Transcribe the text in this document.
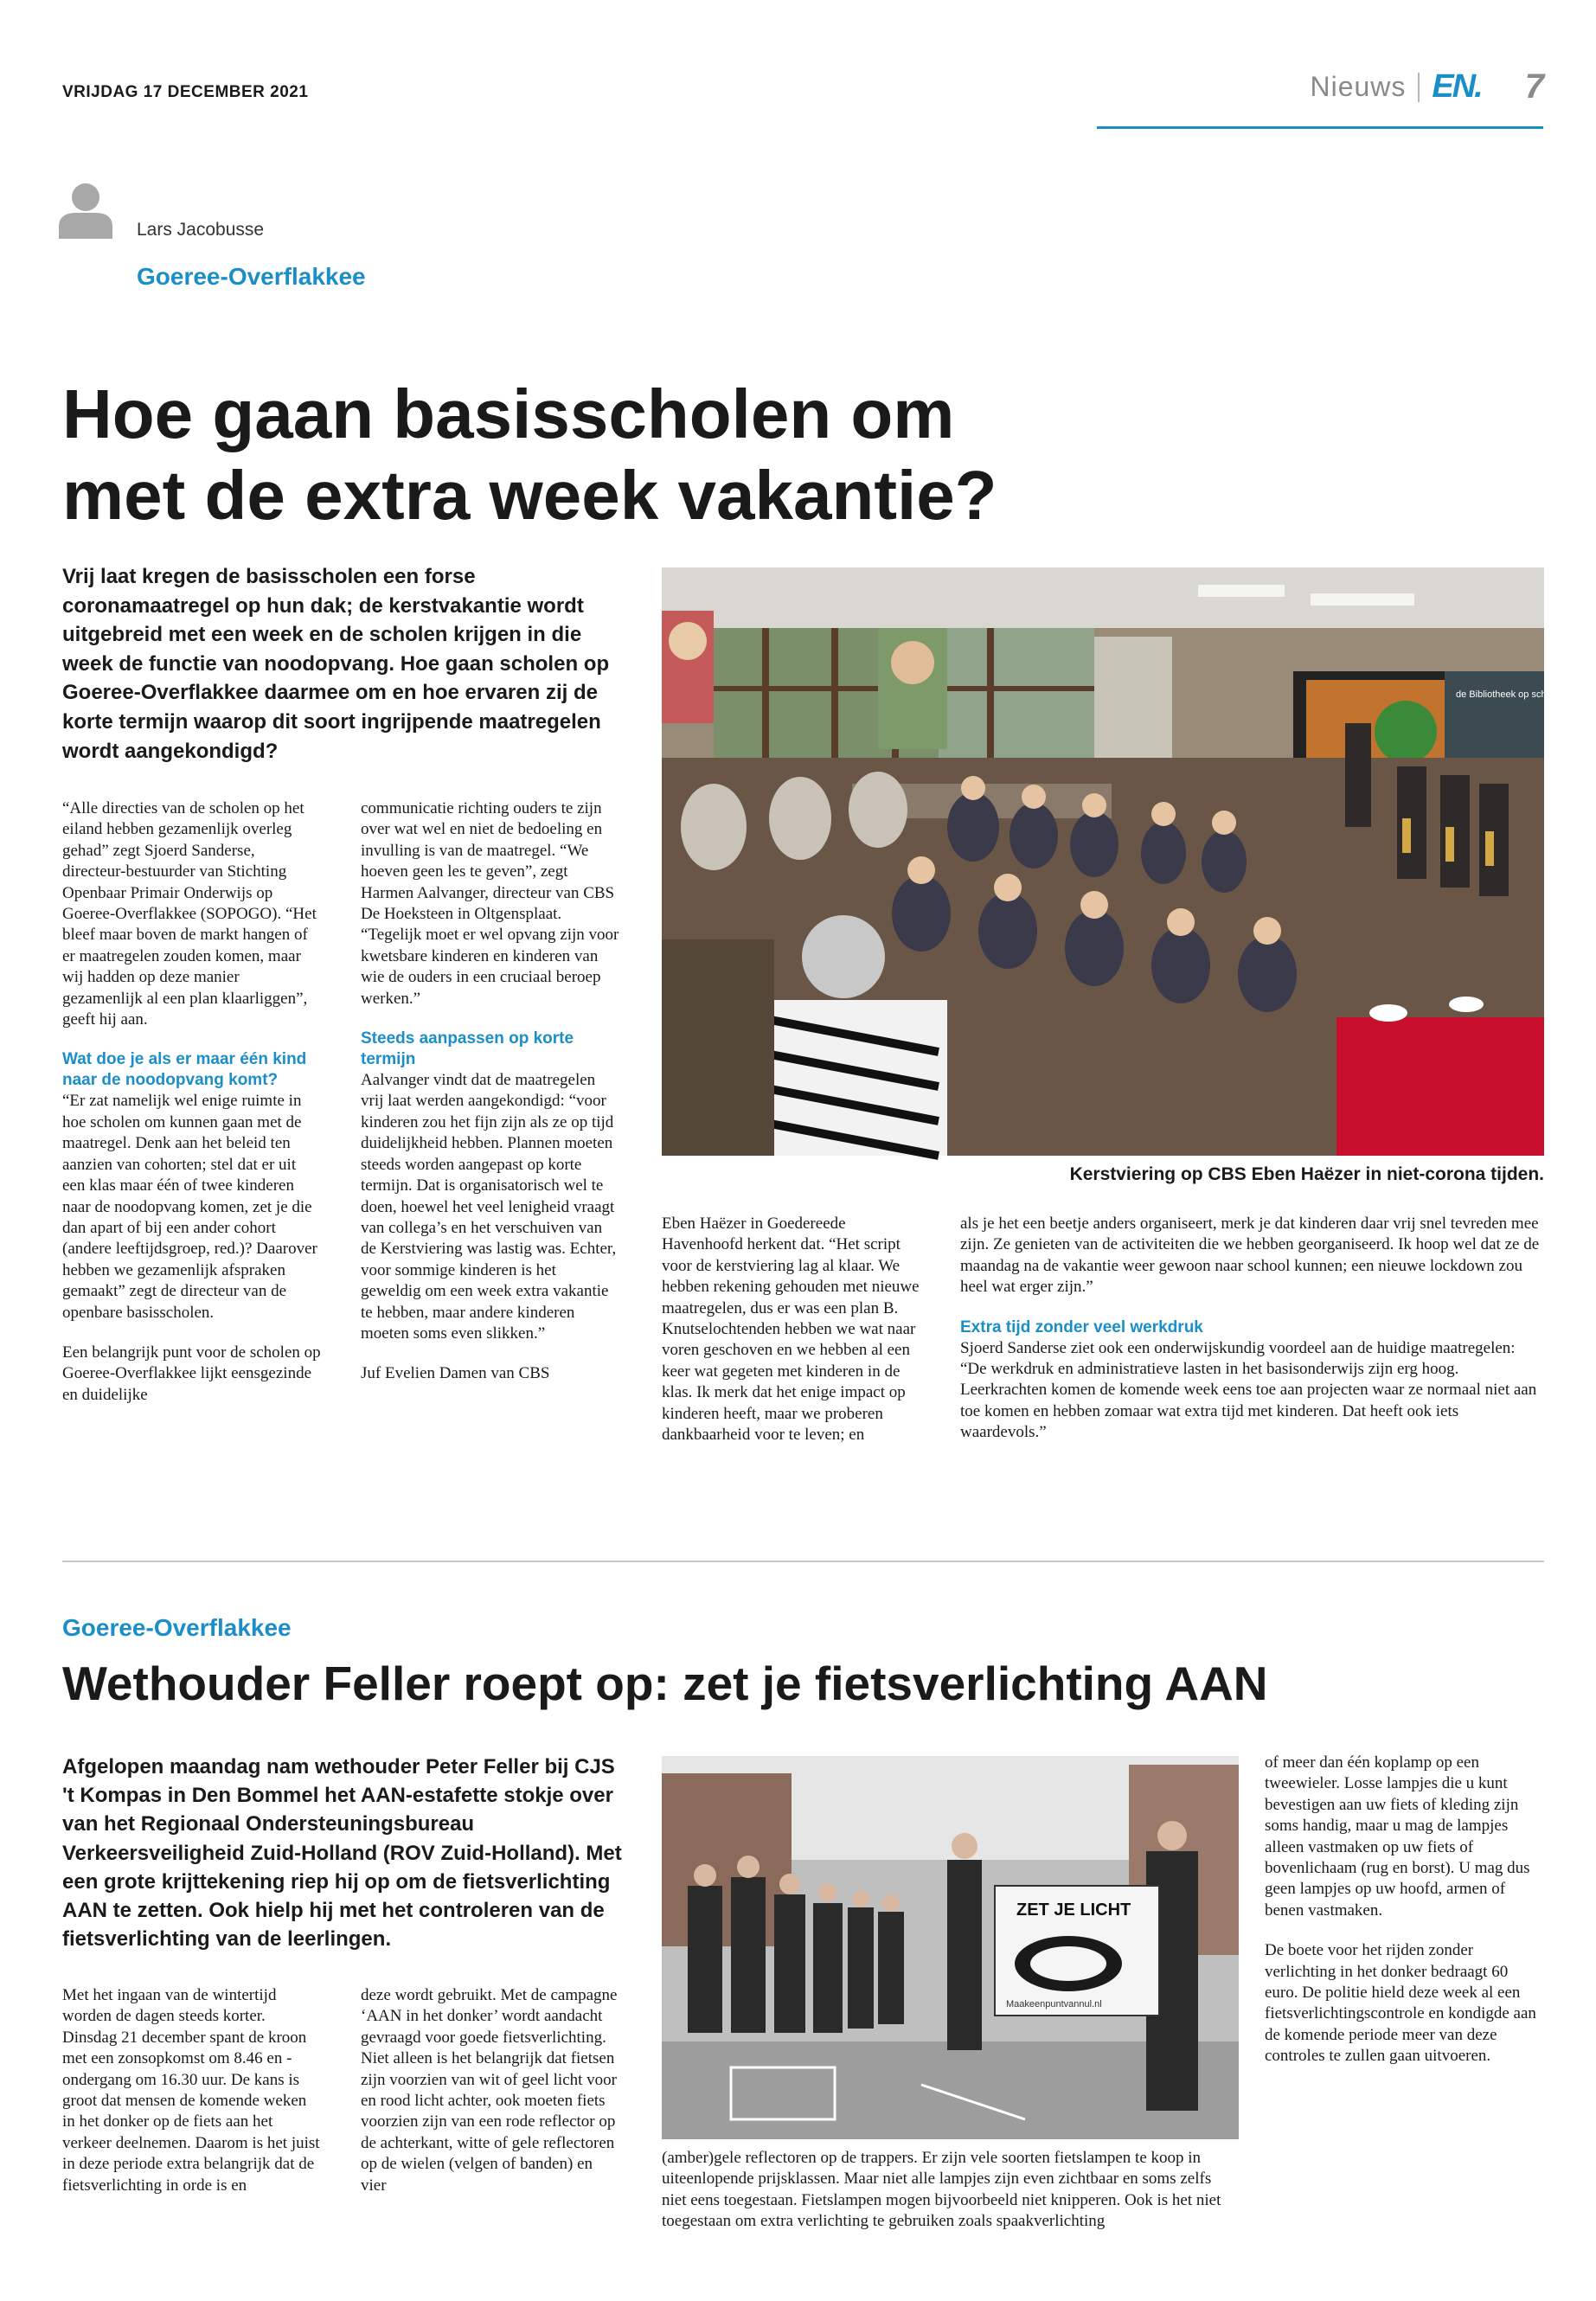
VRIJDAG 17 DECEMBER 2021	Nieuws EN. 7
Lars Jacobusse
Goeree-Overflakkee
Hoe gaan basisscholen om
met de extra week vakantie?
Vrij laat kregen de basisscholen een forse coronamaatregel op hun dak; de kerstvakantie wordt uitgebreid met een week en de scholen krijgen in die week de functie van noodopvang. Hoe gaan scholen op Goeree-Overflakkee daarmee om en hoe ervaren zij de korte termijn waarop dit soort ingrijpende maatregelen wordt aangekondigd?

“Alle directies van de scholen op het eiland hebben gezamenlijk overleg gehad” zegt Sjoerd Sanderse, directeur-bestuurder van Stichting Openbaar Primair Onderwijs op Goeree-Overflakkee (SOPOGO). “Het bleef maar boven de markt hangen of er maatregelen zouden komen, maar wij hadden op deze manier gezamenlijk al een plan klaarliggen”, geeft hij aan.

Wat doe je als er maar één kind naar de noodopvang komt?

“Er zat namelijk wel enige ruimte in hoe scholen om kunnen gaan met de maatregel. Denk aan het beleid ten aanzien van cohorten; stel dat er uit een klas maar één of twee kinderen naar de noodopvang komen, zet je die dan apart of bij een ander cohort (andere leeftijdsgroep, red.)? Daarover hebben we gezamenlijk afspraken gemaakt” zegt de directeur van de openbare basisscholen.

Een belangrijk punt voor de scholen op Goeree-Overflakkee lijkt eensgezinde en duidelijke

communicatie richting ouders te zijn over wat wel en niet de bedoeling en invulling is van de maatregel. “We hoeven geen les te geven”, zegt Harmen Aalvanger, directeur van CBS De Hoeksteen in Oltgensplaat. “Tegelijk moet er wel opvang zijn voor kwetsbare kinderen en kinderen van wie de ouders in een cruciaal beroep werken.”

Steeds aanpassen op korte termijn

Aalvanger vindt dat de maatregelen vrij laat werden aangekondigd: “voor kinderen zou het fijn zijn als ze op tijd duidelijkheid hebben. Plannen moeten steeds worden aangepast op korte termijn. Dat is organisatorisch wel te doen, hoewel het veel lenigheid vraagt van collega’s en het verschuiven van de Kerstviering was lastig was. Echter, voor sommige kinderen is het geweldig om een week extra vakantie te hebben, maar andere kinderen moeten soms even slikken.”

Juf Evelien Damen van CBS

de Bibliotheek op school
Kerstviering op CBS Eben Haëzer in niet-corona tijden.

Eben Haëzer in Goedereede Havenhoofd herkent dat. “Het script voor de kerstviering lag al klaar. We hebben rekening gehouden met nieuwe maatregelen, dus er was een plan B. Knutselochtenden hebben we wat naar voren geschoven en we hebben al een keer wat gegeten met kinderen in de klas. Ik merk dat het enige impact op kinderen heeft, maar we proberen dankbaarheid voor te leven; en

als je het een beetje anders organiseert, merk je dat kinderen daar vrij snel tevreden mee zijn. Ze genieten van de activiteiten die we hebben georganiseerd. Ik hoop wel dat ze de maandag na de vakantie weer gewoon naar school kunnen; een nieuwe lockdown zou heel wat erger zijn.”

Extra tijd zonder veel werkdruk

Sjoerd Sanderse ziet ook een onderwijskundig voordeel aan de huidige maatregelen: “De werkdruk en administratieve lasten in het basisonderwijs zijn erg hoog. Leerkrachten komen de komende week eens toe aan projecten waar ze normaal niet aan toe komen en hebben zomaar wat extra tijd met kinderen. Dat heeft ook iets waardevols.”

Goeree-Overflakkee
Wethouder Feller roept op: zet je fietsverlichting AAN
Afgelopen maandag nam wethouder Peter Feller bij CJS 't Kompas in Den Bommel het AAN-estafette stokje over van het Regionaal Ondersteuningsbureau Verkeersveiligheid Zuid-Holland (ROV Zuid-Holland). Met een grote krijttekening riep hij op om de fietsverlichting AAN te zetten. Ook hielp hij met het controleren van de fietsverlichting van de leerlingen.

Met het ingaan van de wintertijd worden de dagen steeds korter. Dinsdag 21 december spant de kroon met een zonsopkomst om 8.46 en -ondergang om 16.30 uur. De kans is groot dat mensen de komende weken in het donker op de fiets aan het verkeer deelnemen. Daarom is het juist in deze periode extra belangrijk dat de fietsverlichting in orde is en

deze wordt gebruikt. Met de campagne ‘AAN in het donker’ wordt aandacht gevraagd voor goede fietsverlichting. Niet alleen is het belangrijk dat fietsen zijn voorzien van wit of geel licht voor en rood licht achter, ook moeten fiets voorzien zijn van een rode reflector op de achterkant, witte of gele reflectoren op de wielen (velgen of banden) en vier

ZET JE LICHT
Maakeenpuntvannul.nl

(amber)gele reflectoren op de trappers. Er zijn vele soorten fietslampen te koop in uiteenlopende prijsklassen. Maar niet alle lampjes zijn even zichtbaar en soms zelfs niet eens toegestaan. Fietslampen mogen bijvoorbeeld niet knipperen. Ook is het niet toegestaan om extra verlichting te gebruiken zoals spaakverlichting

of meer dan één koplamp op een tweewieler. Losse lampjes die u kunt bevestigen aan uw fiets of kleding zijn soms handig, maar u mag de lampjes alleen vastmaken op uw fiets of bovenlichaam (rug en borst). U mag dus geen lampjes op uw hoofd, armen of benen vastmaken.

De boete voor het rijden zonder verlichting in het donker bedraagt 60 euro. De politie hield deze week al een fietsverlichtingscontrole en kondigde aan de komende periode meer van deze controles te zullen gaan uitvoeren.
